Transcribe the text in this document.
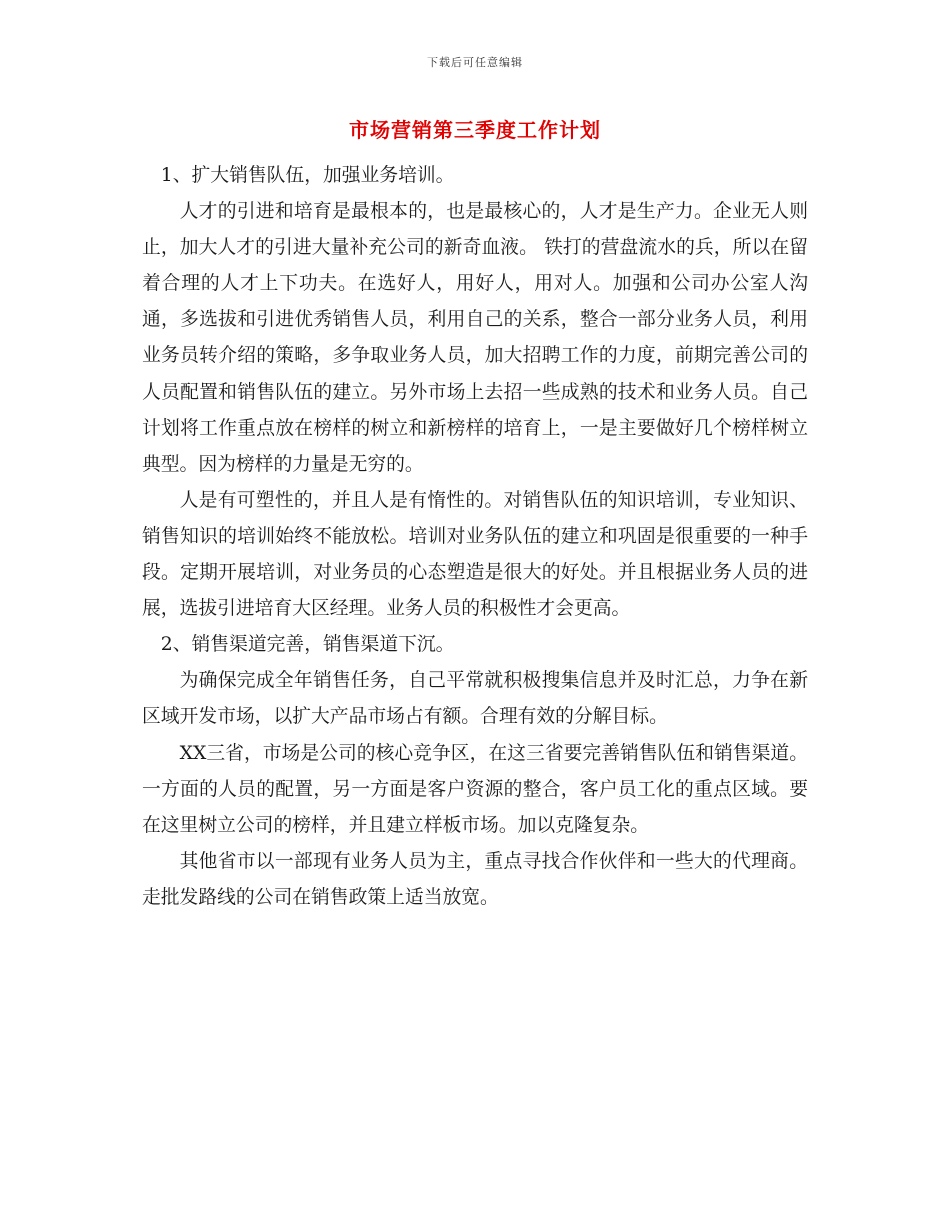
下载后可任意编辑
市场营销第三季度工作计划

1、扩大销售队伍，加强业务培训。

人才的引进和培育是最根本的，也是最核心的，人才是生产力。企业无人则止，加大人才的引进大量补充公司的新奇血液。 铁打的营盘流水的兵，所以在留着合理的人才上下功夫。在选好人，用好人，用对人。加强和公司办公室人沟通，多选拔和引进优秀销售人员，利用自己的关系，整合一部分业务人员，利用业务员转介绍的策略，多争取业务人员，加大招聘工作的力度，前期完善公司的人员配置和销售队伍的建立。另外市场上去招一些成熟的技术和业务人员。自己计划将工作重点放在榜样的树立和新榜样的培育上，一是主要做好几个榜样树立典型。因为榜样的力量是无穷的。

人是有可塑性的，并且人是有惰性的。对销售队伍的知识培训，专业知识、销售知识的培训始终不能放松。培训对业务队伍的建立和巩固是很重要的一种手段。定期开展培训，对业务员的心态塑造是很大的好处。并且根据业务人员的进展，选拔引进培育大区经理。业务人员的积极性才会更高。

2、销售渠道完善，销售渠道下沉。

为确保完成全年销售任务，自己平常就积极搜集信息并及时汇总，力争在新区域开发市场，以扩大产品市场占有额。合理有效的分解目标。

XX三省，市场是公司的核心竞争区，在这三省要完善销售队伍和销售渠道。一方面的人员的配置，另一方面是客户资源的整合，客户员工化的重点区域。要在这里树立公司的榜样，并且建立样板市场。加以克隆复杂。

其他省市以一部现有业务人员为主，重点寻找合作伙伴和一些大的代理商。走批发路线的公司在销售政策上适当放宽。
